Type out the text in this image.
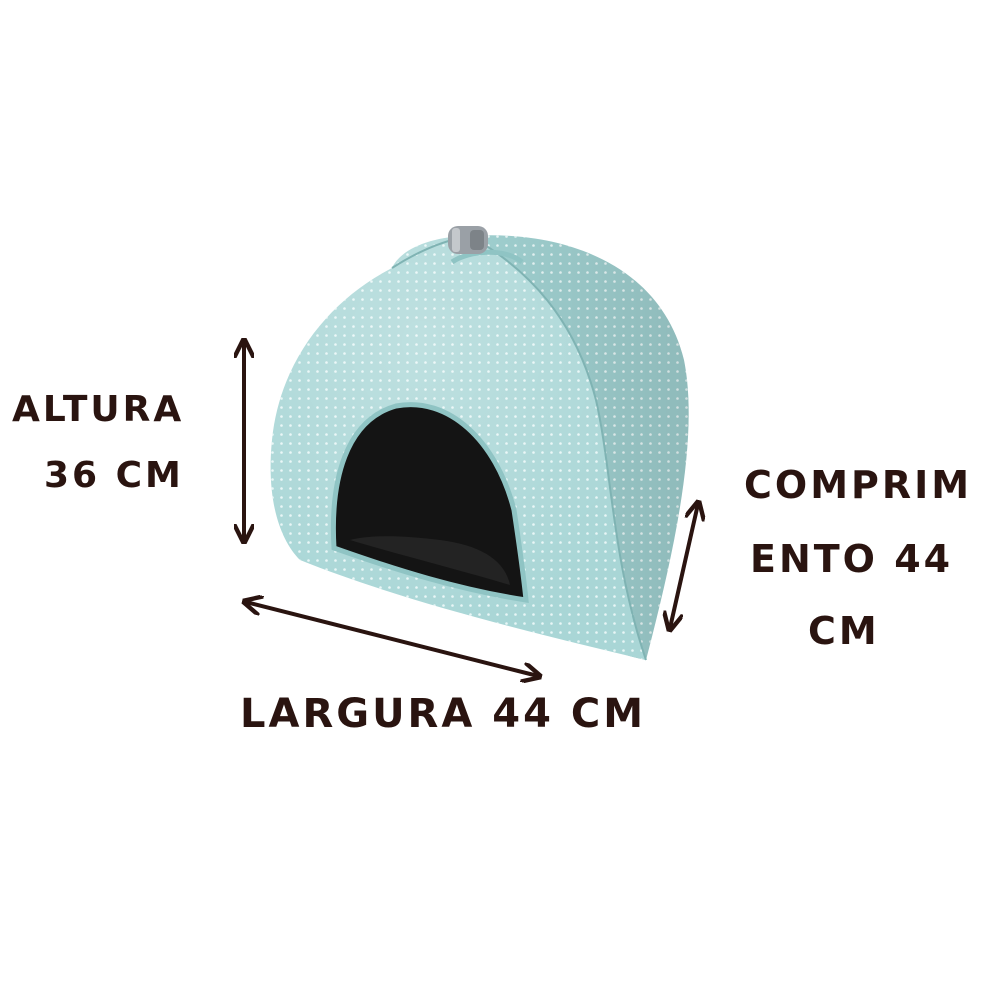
ALTURA
36 CM	COMPRIM
ENTO 44
CM
LARGURA 44 CM
